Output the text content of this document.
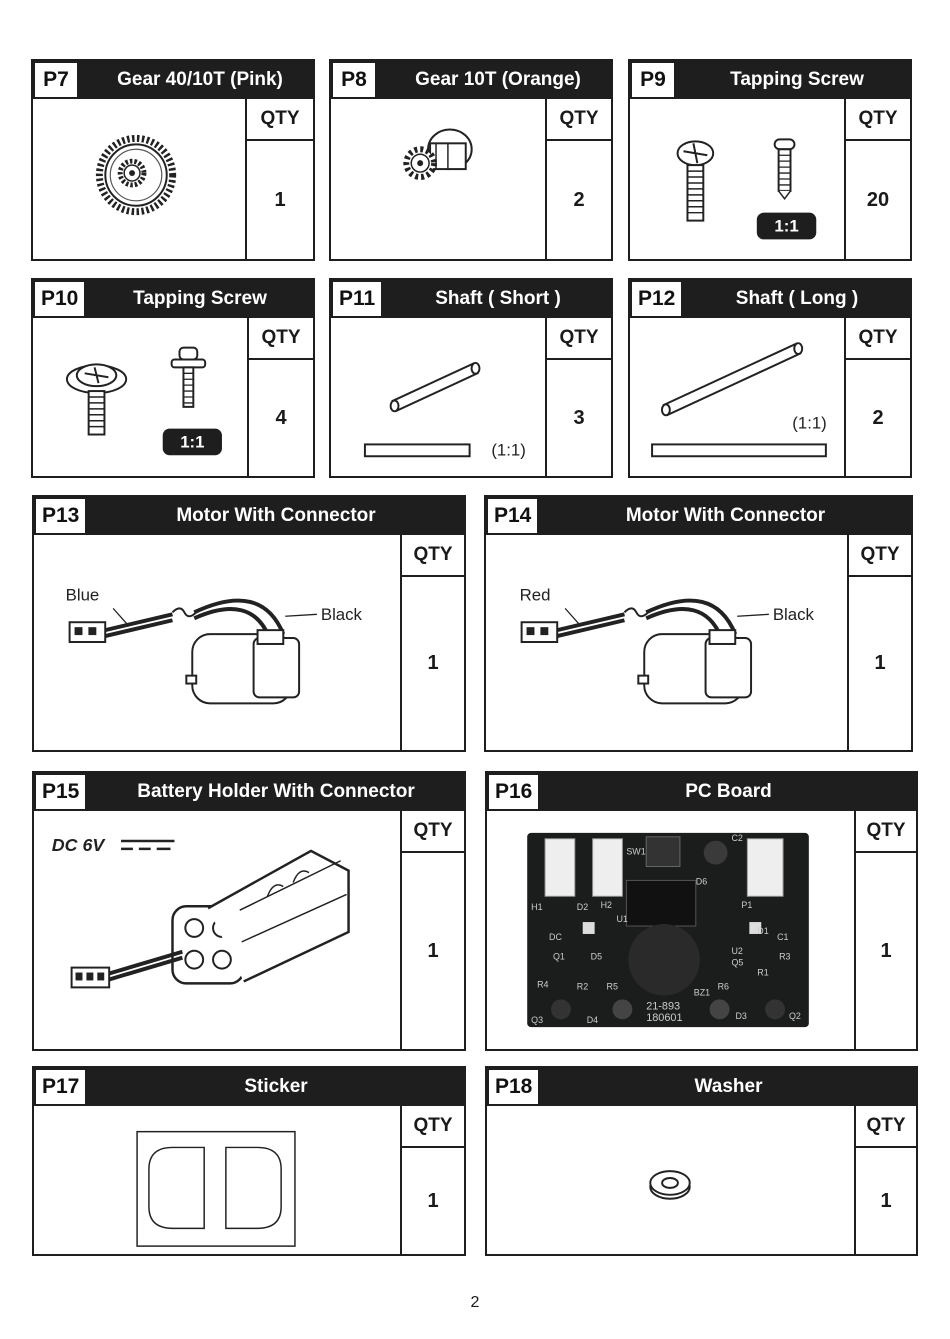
P7	Gear 40/10T (Pink)
QTY
1
P8	Gear 10T (Orange)
QTY
2
P9	Tapping Screw
1:1
QTY
20
P10	Tapping Screw
1:1
QTY
4
P11	Shaft ( Short )
(1:1)
QTY
3
P12	Shaft ( Long )
(1:1)
QTY
2
P13	Motor With Connector
Blue
Black
QTY
1
P14	Motor With Connector
Red
Black
QTY
1
P15	Battery Holder With Connector
DC 6V
QTY
1
P16	PC Board
SW1
C2
D6
H1	D2 H2
U1
P1
DC
D1
C1
Q1	D5
U2
Q5
R3
R4	R2 R5	R6
R1
BZ1
Q3	D4	D3	Q2
21-893
180601
QTY
1
P17	Sticker
QTY
1
P18	Washer
QTY
1
2
